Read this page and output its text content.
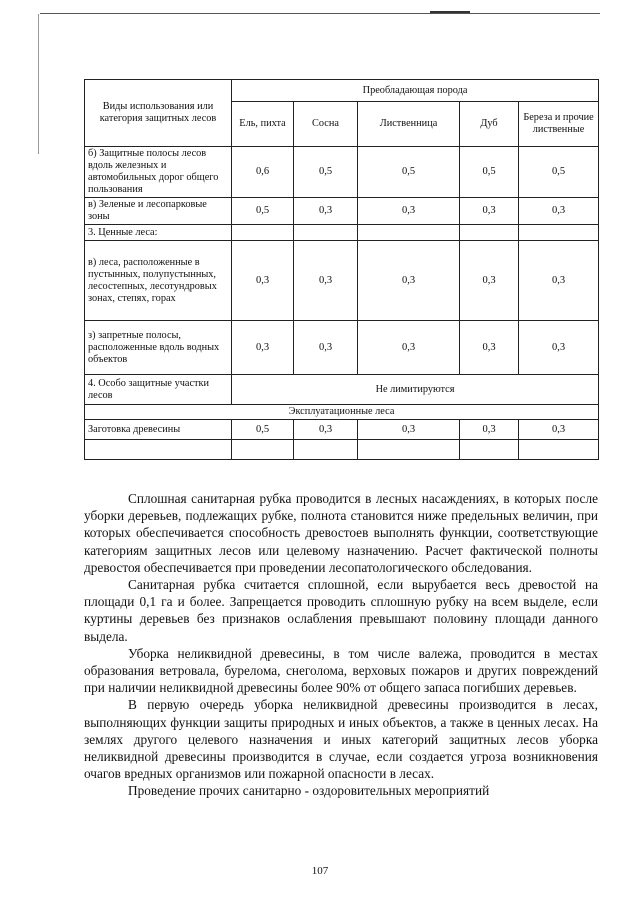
Виды использования или категория защитных лесов	Преобладающая порода				
	Ель, пихта	Сосна	Лиственница	Дуб	Береза и прочие лиственные
б) Защитные полосы лесов вдоль железных и автомобильных дорог общего пользования	0,6	0,5	0,5	0,5	0,5
в) Зеленые и лесопарковые зоны	0,5	0,3	0,3	0,3	0,3
3. Ценные леса:					
в) леса, расположенные в пустынных, полупустынных, лесостепных, лесотундровых зонах, степях, горах	0,3	0,3	0,3	0,3	0,3
з) запретные полосы, расположенные вдоль водных объектов	0,3	0,3	0,3	0,3	0,3
4. Особо защитные участки лесов	Не лимитируются				
Эксплуатационные леса					
Заготовка древесины	0,5	0,3	0,3	0,3	0,3

Сплошная санитарная рубка проводится в лесных насаждениях, в которых после уборки деревьев, подлежащих рубке, полнота становится ниже предельных величин, при которых обеспечивается способность древостоев выполнять функции, соответствующие категориям защитных лесов или целевому назначению. Расчет фактической полноты древостоя обеспечивается при проведении лесопатологического обследования.

Санитарная рубка считается сплошной, если вырубается весь древостой на площади 0,1 га и более. Запрещается проводить сплошную рубку на всем выделе, если куртины деревьев без признаков ослабления превышают половину площади данного выдела.

Уборка неликвидной древесины, в том числе валежа, проводится в местах образования ветровала, бурелома, снеголома, верховых пожаров и других повреждений при наличии неликвидной древесины более 90% от общего запаса погибших деревьев.

В первую очередь уборка неликвидной древесины производится в лесах, выполняющих функции защиты природных и иных объектов, а также в ценных лесах. На землях другого целевого назначения и иных категорий защитных лесов уборка неликвидной древесины производится в случае, если создается угроза возникновения очагов вредных организмов или пожарной опасности в лесах.

Проведение прочих санитарно - оздоровительных мероприятий

107
